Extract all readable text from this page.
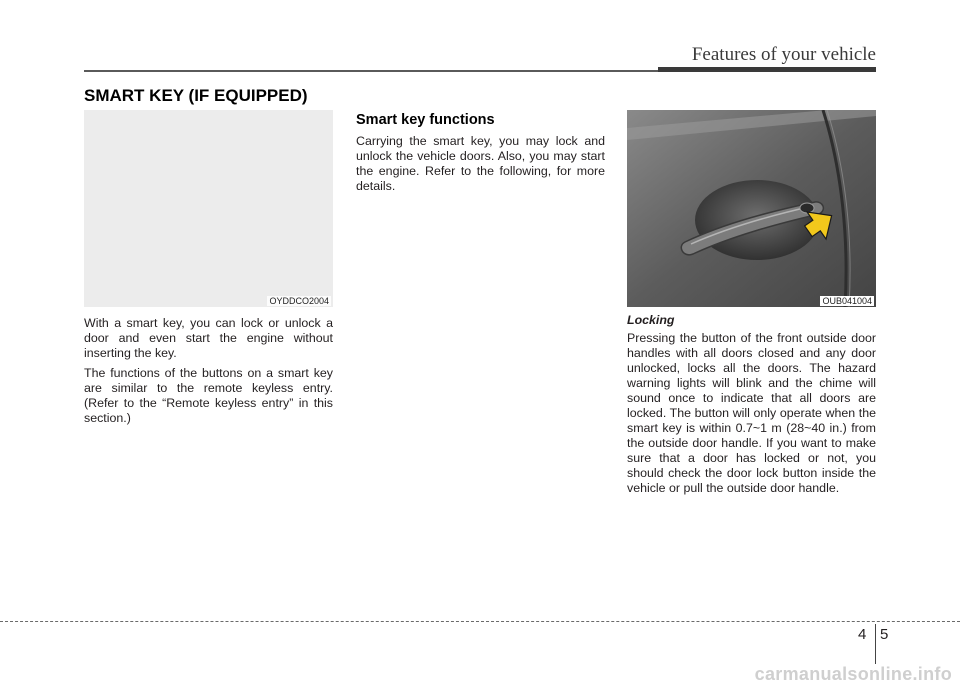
Features of your vehicle
SMART KEY (IF EQUIPPED)
OYDDCO2004

With a smart key, you can lock or unlock a door and even start the engine without inserting the key.

The functions of the buttons on a smart key are similar to the remote keyless entry. (Refer to the “Remote keyless entry” in this section.)

Smart key functions

Carrying the smart key, you may lock and unlock the vehicle doors. Also, you may start the engine. Refer to the following, for more details.

OUB041004
Locking

Pressing the button of the front outside door handles with all doors closed and any door unlocked, locks all the doors. The hazard warning lights will blink and the chime will sound once to indicate that all doors are locked. The button will only operate when the smart key is within 0.7~1 m (28~40 in.) from the outside door handle. If you want to make sure that a door has locked or not, you should check the door lock button inside the vehicle or pull the outside door handle.

4 5
carmanualsonline.info
